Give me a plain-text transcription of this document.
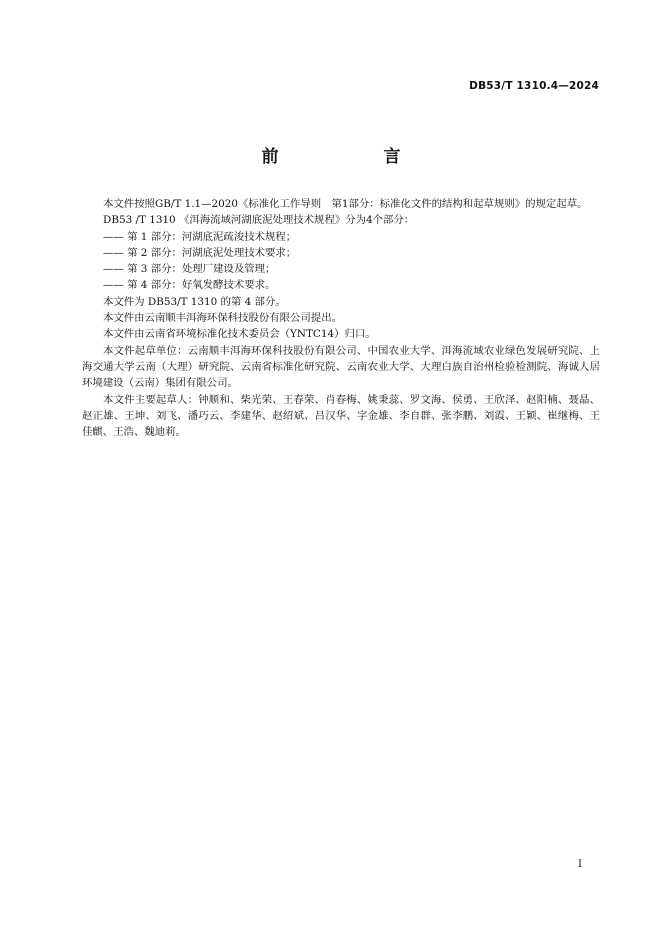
DB53/T 1310.4—2024
前　言

本文件按照GB/T 1.1—2020《标准化工作导则　第1部分：标准化文件的结构和起草规则》的规定起草。

DB53 /T 1310 《洱海流域河湖底泥处理技术规程》分为4个部分：

—— 第 1 部分：河湖底泥疏浚技术规程；

—— 第 2 部分：河湖底泥处理技术要求；

—— 第 3 部分：处理厂建设及管理；

—— 第 4 部分：好氧发酵技术要求。

本文件为 DB53/T 1310 的第 4 部分。

本文件由云南顺丰洱海环保科技股份有限公司提出。

本文件由云南省环境标准化技术委员会（YNTC14）归口。

本文件起草单位：云南顺丰洱海环保科技股份有限公司、中国农业大学、洱海流域农业绿色发展研究院、上海交通大学云南（大理）研究院、云南省标准化研究院、云南农业大学、大理白族自治州检验检测院、海诚人居环境建设（云南）集团有限公司。

本文件主要起草人：钟顺和、柴光荣、王春荣、肖春梅、姚秉蕊、罗文海、侯勇、王欣泽、赵阳楠、聂晶、赵正雄、王坤、刘飞、潘巧云、李建华、赵绍斌、吕汉华、字金雄、李自群、张李鹏、刘霞、王颖、崔继梅、王佳麒、王浩、魏迪莉。

I
